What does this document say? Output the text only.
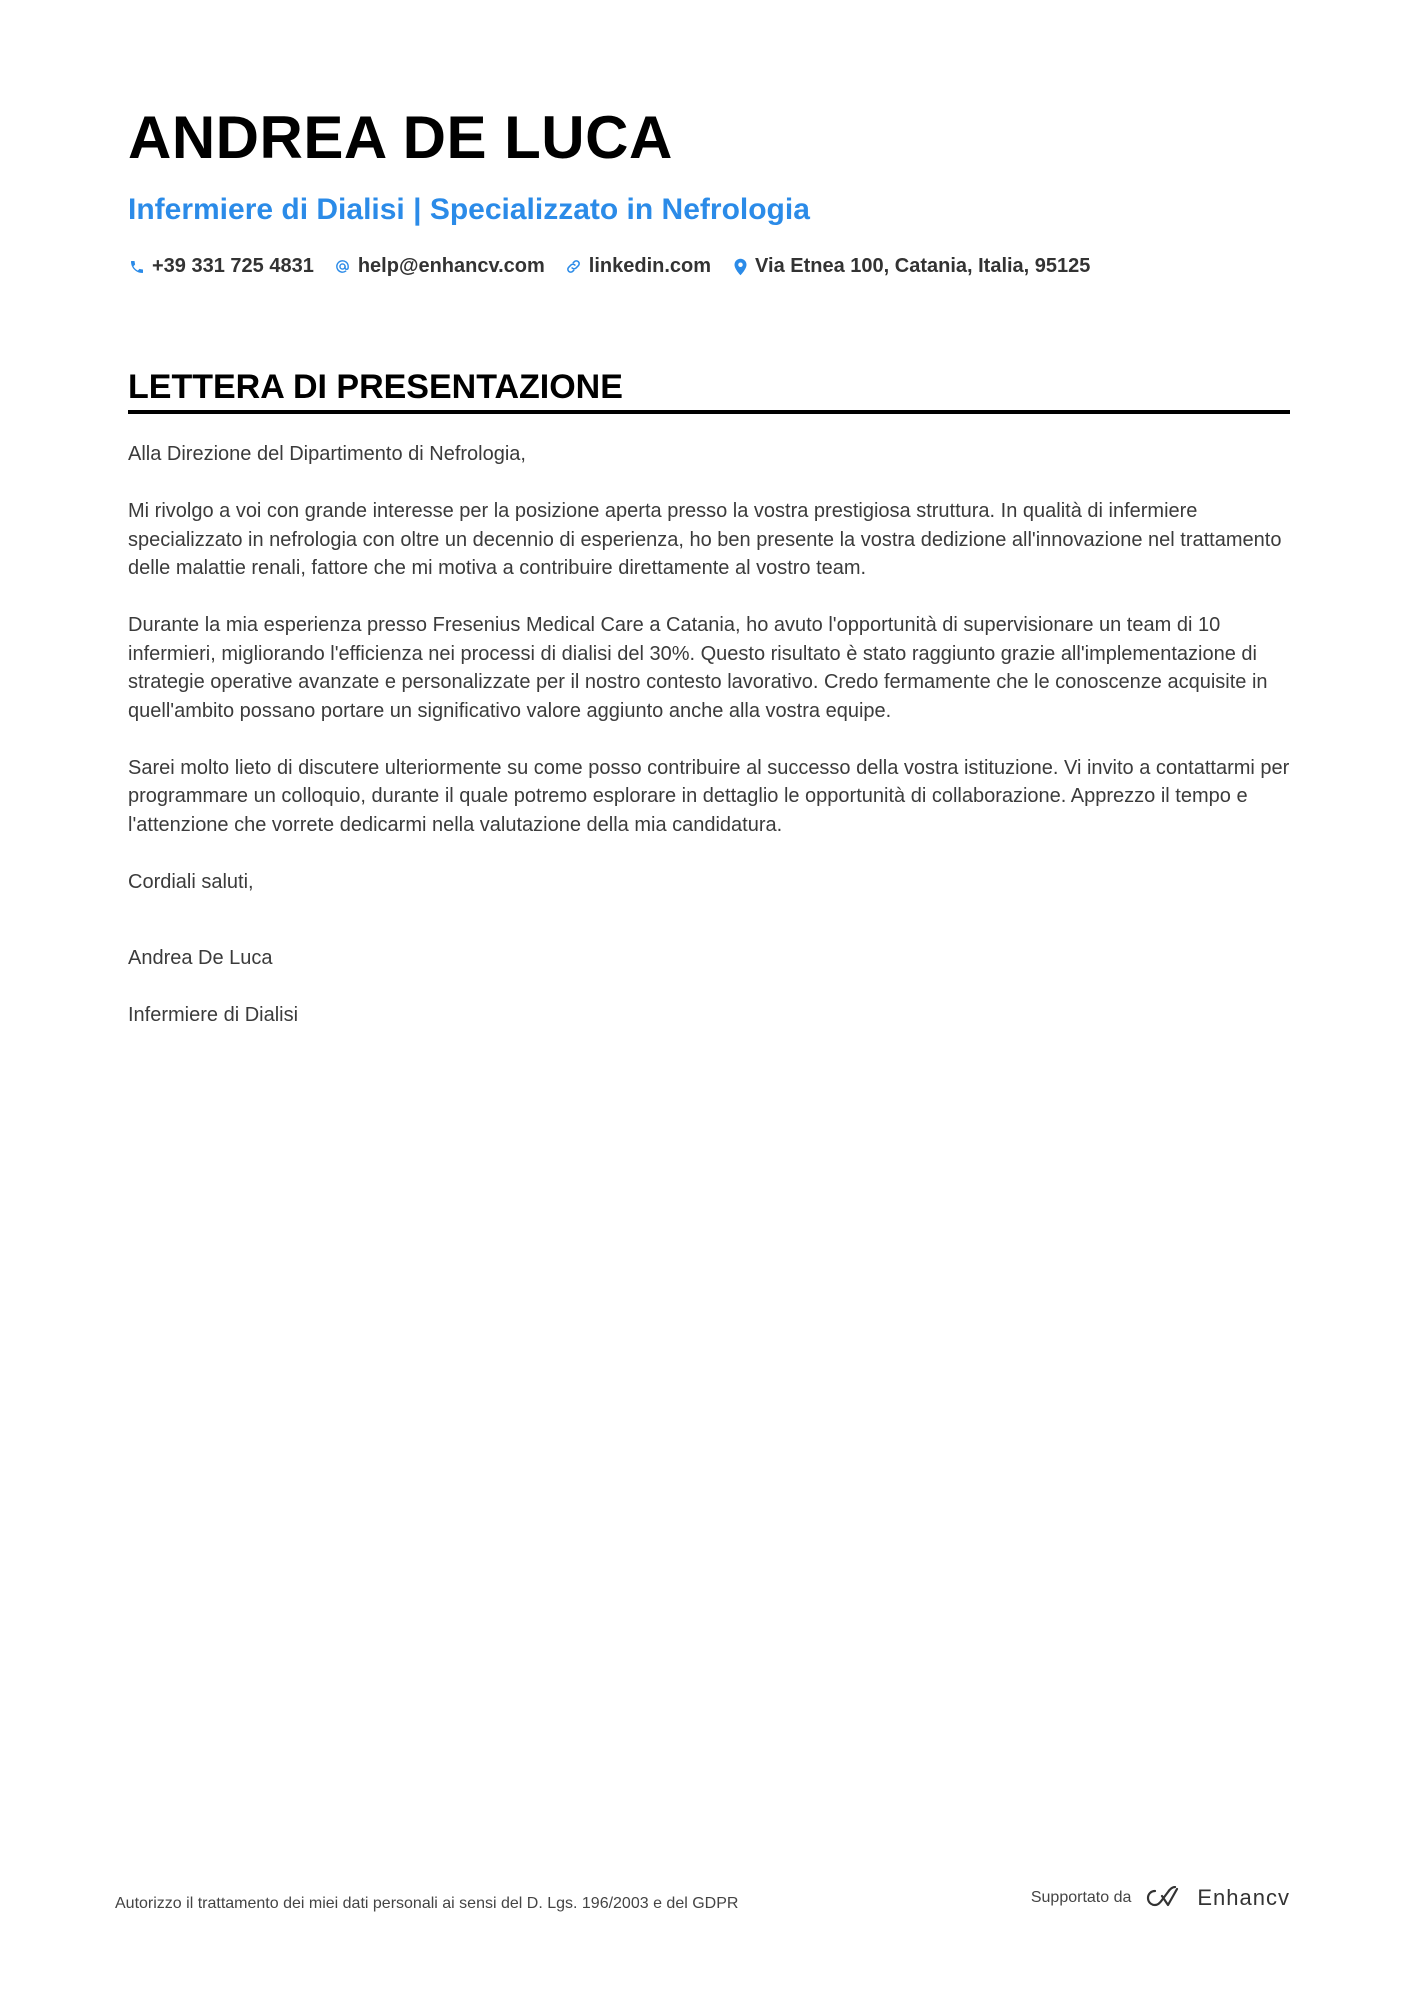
ANDREA DE LUCA
Infermiere di Dialisi | Specializzato in Nefrologia
+39 331 725 4831 help@enhancv.com linkedin.com Via Etnea 100, Catania, Italia, 95125
LETTERA DI PRESENTAZIONE

Alla Direzione del Dipartimento di Nefrologia,

Mi rivolgo a voi con grande interesse per la posizione aperta presso la vostra prestigiosa struttura. In qualità di infermiere specializzato in nefrologia con oltre un decennio di esperienza, ho ben presente la vostra dedizione all'innovazione nel trattamento delle malattie renali, fattore che mi motiva a contribuire direttamente al vostro team.

Durante la mia esperienza presso Fresenius Medical Care a Catania, ho avuto l'opportunità di supervisionare un team di 10 infermieri, migliorando l'efficienza nei processi di dialisi del 30%. Questo risultato è stato raggiunto grazie all'implementazione di strategie operative avanzate e personalizzate per il nostro contesto lavorativo. Credo fermamente che le conoscenze acquisite in quell'ambito possano portare un significativo valore aggiunto anche alla vostra equipe.

Sarei molto lieto di discutere ulteriormente su come posso contribuire al successo della vostra istituzione. Vi invito a contattarmi per programmare un colloquio, durante il quale potremo esplorare in dettaglio le opportunità di collaborazione. Apprezzo il tempo e l'attenzione che vorrete dedicarmi nella valutazione della mia candidatura.

Cordiali saluti,

Andrea De Luca

Infermiere di Dialisi

Autorizzo il trattamento dei miei dati personali ai sensi del D. Lgs. 196/2003 e del GDPR	Supportato da	Enhancv
